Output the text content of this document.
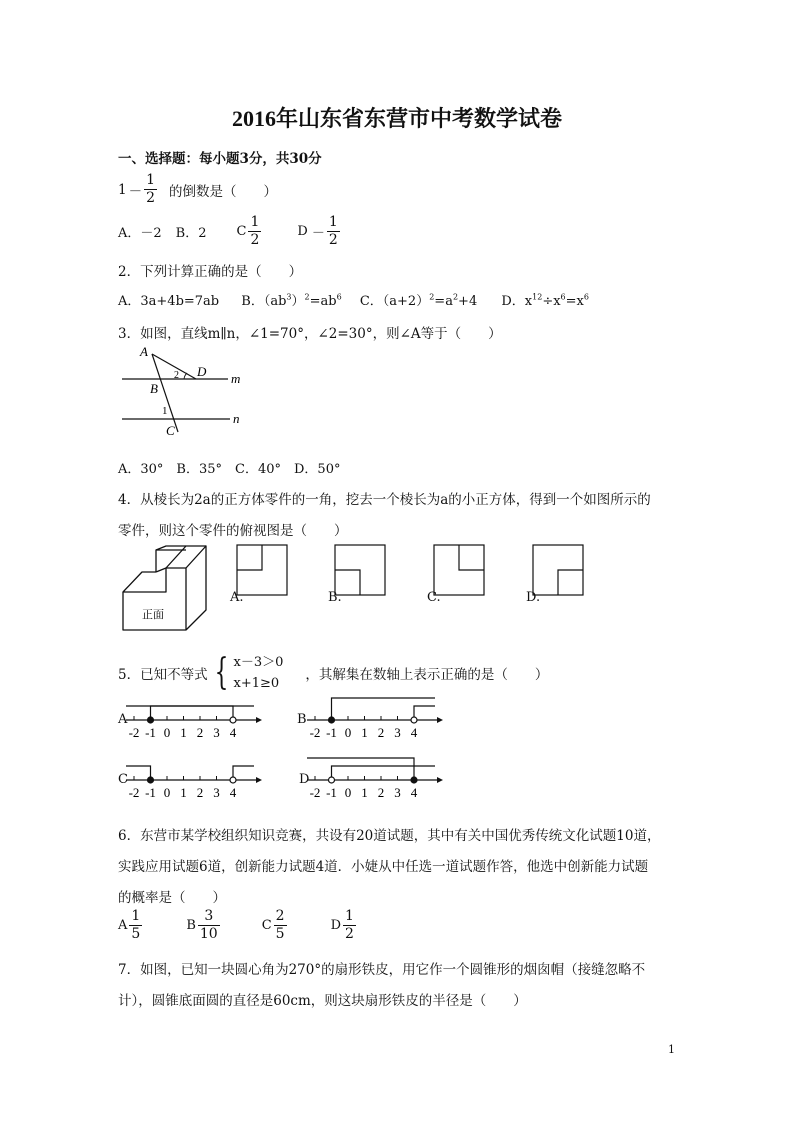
2016年山东省东营市中考数学试卷
一、选择题：每小题3分，共30分
$1 - \frac{1}{2}$ 的倒数是（　　）
A．－2 B．2 C $\frac{1}{2}$	$D - \frac{1}{2}$
2．下列计算正确的是（　　）
A．3a+4b=7ab B．$(ab^3)^2=ab^6$ C．$(a+2)^2=a^2+4$ D．$x^{12}\div x^6=x^6$
3．如图，直线m∥n，∠1=70°，∠2=30°，则∠A等于（　　）
A
D m
B
2
1	n
C
A．30°　B．35°　C．40°　D．50°
4．从棱长为2a的正方体零件的一角，挖去一个棱长为a的小正方体，得到一个如图所示的
零件，则这个零件的俯视图是（　　）
正面
A.	B.	C.	D.
5．已知不等式 { x－3＞0
x+1≥0
，其解集在数轴上表示正确的是（　　）
A
-2 -1 0 1 2 3 4
B
-2 -1 0 1 2 3 4
C
-2 -1 0 1 2 3 4
D
-2 -1 0 1 2 3 4
6．东营市某学校组织知识竞赛，共设有20道试题，其中有关中国优秀传统文化试题10道，
实践应用试题6道，创新能力试题4道．小婕从中任选一道试题作答，他选中创新能力试题
的概率是（　　）
A $\frac{1}{5}$	B $\frac{3}{10}$	C $\frac{2}{5}$	D $\frac{1}{2}$
7．如图，已知一块圆心角为270°的扇形铁皮，用它作一个圆锥形的烟囱帽（接缝忽略不
计），圆锥底面圆的直径是60cm，则这块扇形铁皮的半径是（　　）
1
